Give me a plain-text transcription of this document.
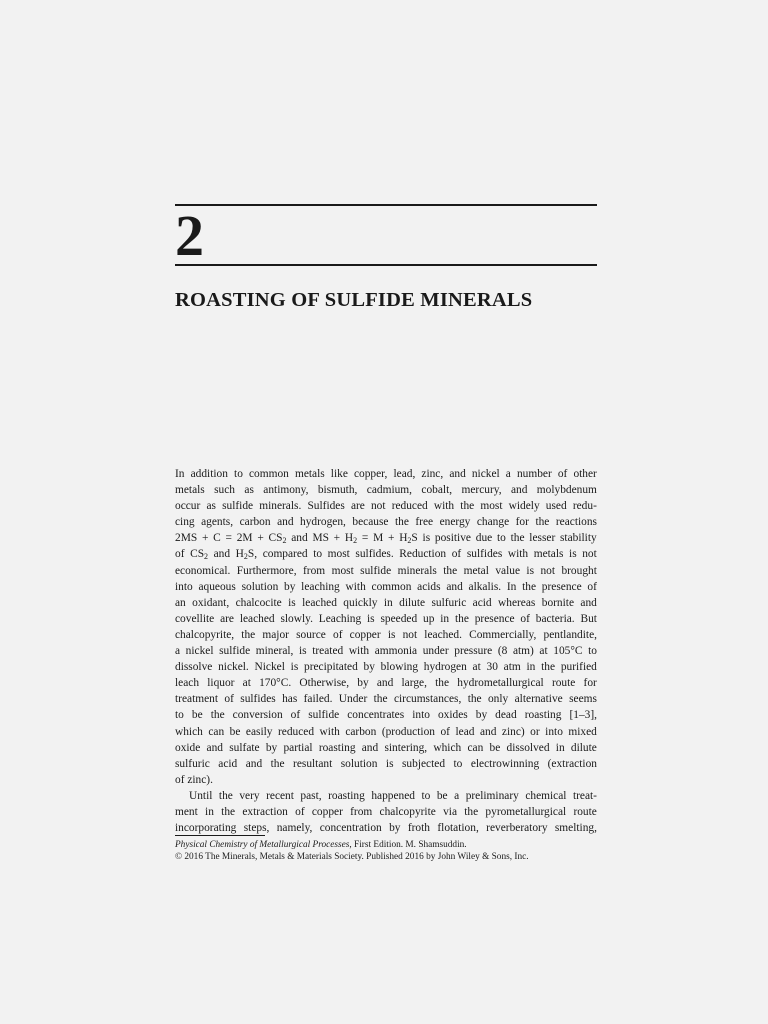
2
ROASTING OF SULFIDE MINERALS
In addition to common metals like copper, lead, zinc, and nickel a number of other
metals such as antimony, bismuth, cadmium, cobalt, mercury, and molybdenum
occur as sulfide minerals. Sulfides are not reduced with the most widely used redu-
cing agents, carbon and hydrogen, because the free energy change for the reactions
$2MS + C = 2M + CS_2$ and MS + $H_2 = M + H_2S$ is positive due to the lesser stability
of $CS_2$ and $H_2S$, compared to most sulfides. Reduction of sulfides with metals is not
economical. Furthermore, from most sulfide minerals the metal value is not brought
into aqueous solution by leaching with common acids and alkalis. In the presence of
an oxidant, chalcocite is leached quickly in dilute sulfuric acid whereas bornite and
covellite are leached slowly. Leaching is speeded up in the presence of bacteria. But
chalcopyrite, the major source of copper is not leached. Commercially, pentlandite,
a nickel sulfide mineral, is treated with ammonia under pressure (8 atm) at 105°C to
dissolve nickel. Nickel is precipitated by blowing hydrogen at 30 atm in the purified
leach liquor at 170°C. Otherwise, by and large, the hydrometallurgical route for
treatment of sulfides has failed. Under the circumstances, the only alternative seems
to be the conversion of sulfide concentrates into oxides by dead roasting [1–3],
which can be easily reduced with carbon (production of lead and zinc) or into mixed
oxide and sulfate by partial roasting and sintering, which can be dissolved in dilute
sulfuric acid and the resultant solution is subjected to electrowinning (extraction
of zinc).
Until the very recent past, roasting happened to be a preliminary chemical treat-
ment in the extraction of copper from chalcopyrite via the pyrometallurgical route
incorporating steps, namely, concentration by froth flotation, reverberatory smelting,
Physical Chemistry of Metallurgical Processes, First Edition. M. Shamsuddin.
© 2016 The Minerals, Metals & Materials Society. Published 2016 by John Wiley & Sons, Inc.
